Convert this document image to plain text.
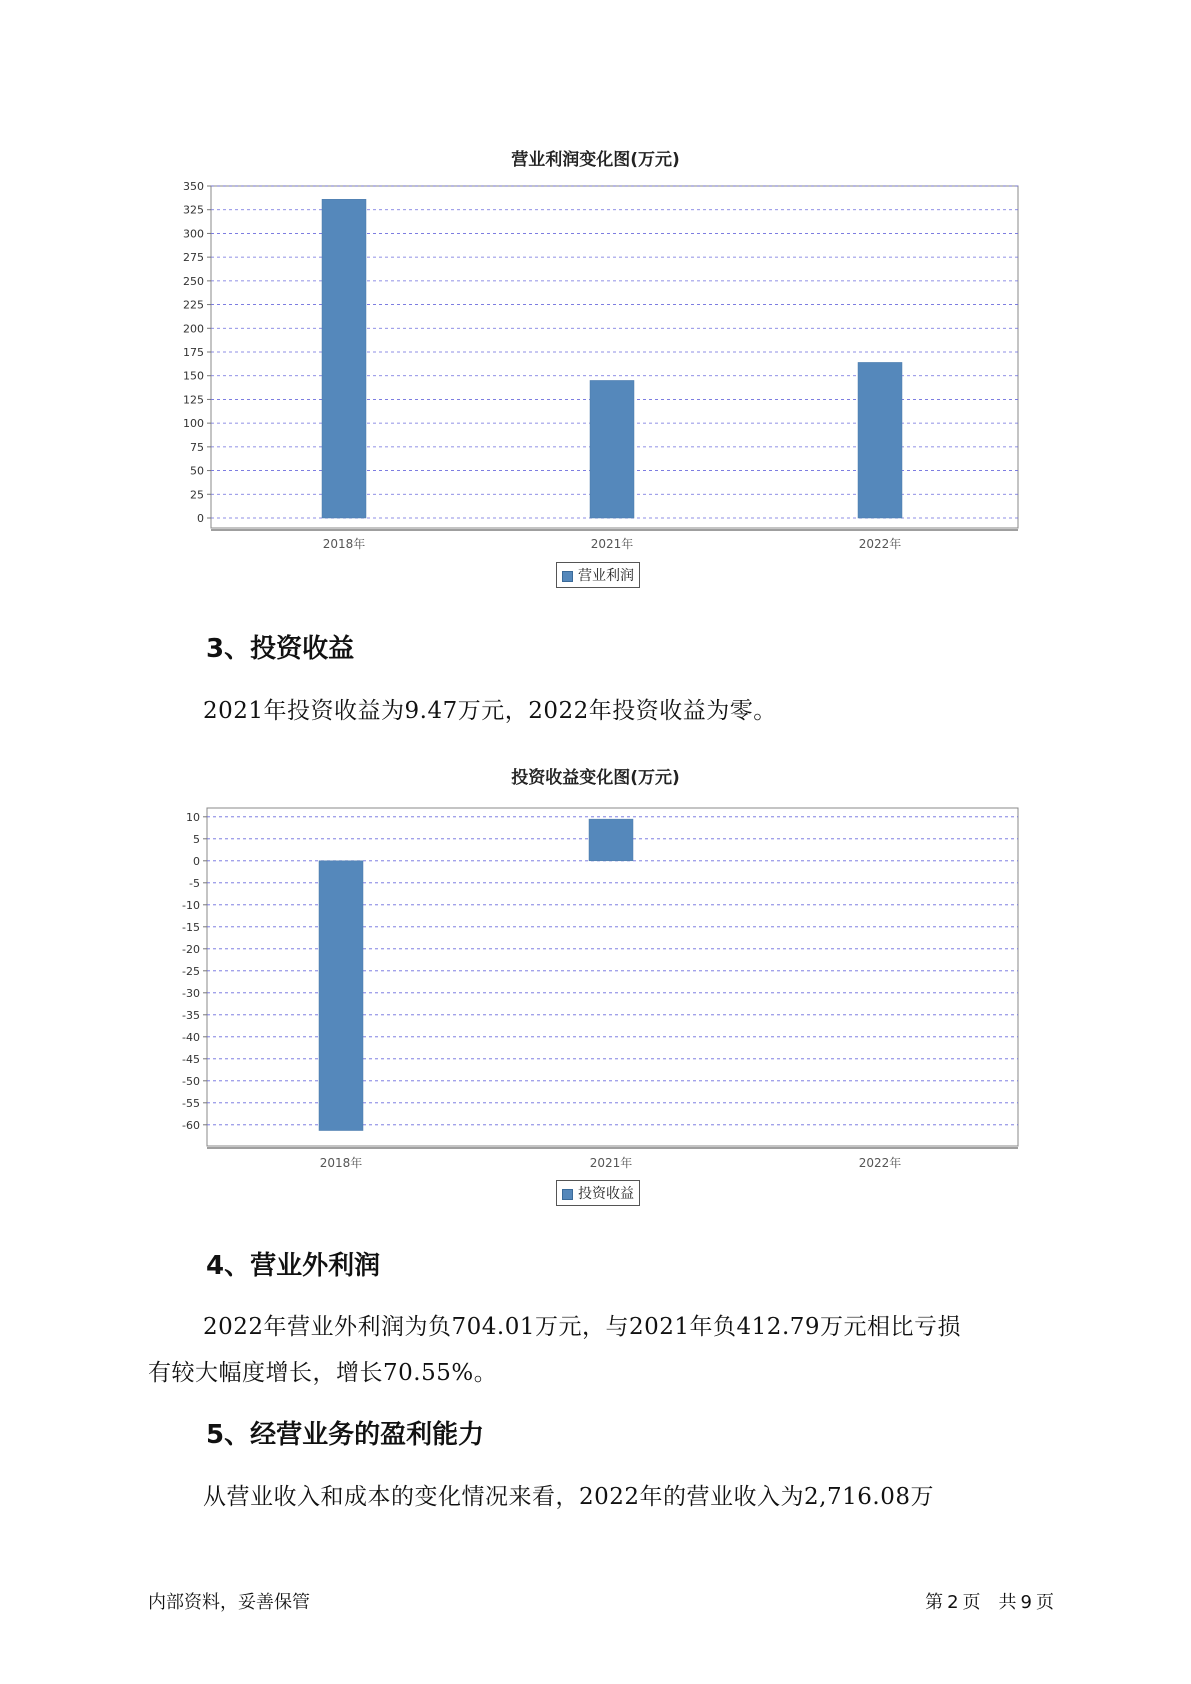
营业利润变化图(万元)
0
25
50
75
100
125
150
175
200
225
250
275
300
325
350
2018年	2021年	2022年
营业利润
3、投资收益
2021年投资收益为9.47万元，2022年投资收益为零。
投资收益变化图(万元)
10
5
0
-5
-10
-15
-20
-25
-30
-35
-40
-45
-50
-55
-60
2018年	2021年	2022年
投资收益
4、营业外利润
2022年营业外利润为负704.01万元，与2021年负412.79万元相比亏损
有较大幅度增长，增长70.55%。
5、经营业务的盈利能力
从营业收入和成本的变化情况来看，2022年的营业收入为2,716.08万
内部资料，妥善保管	第 2 页　共 9 页
